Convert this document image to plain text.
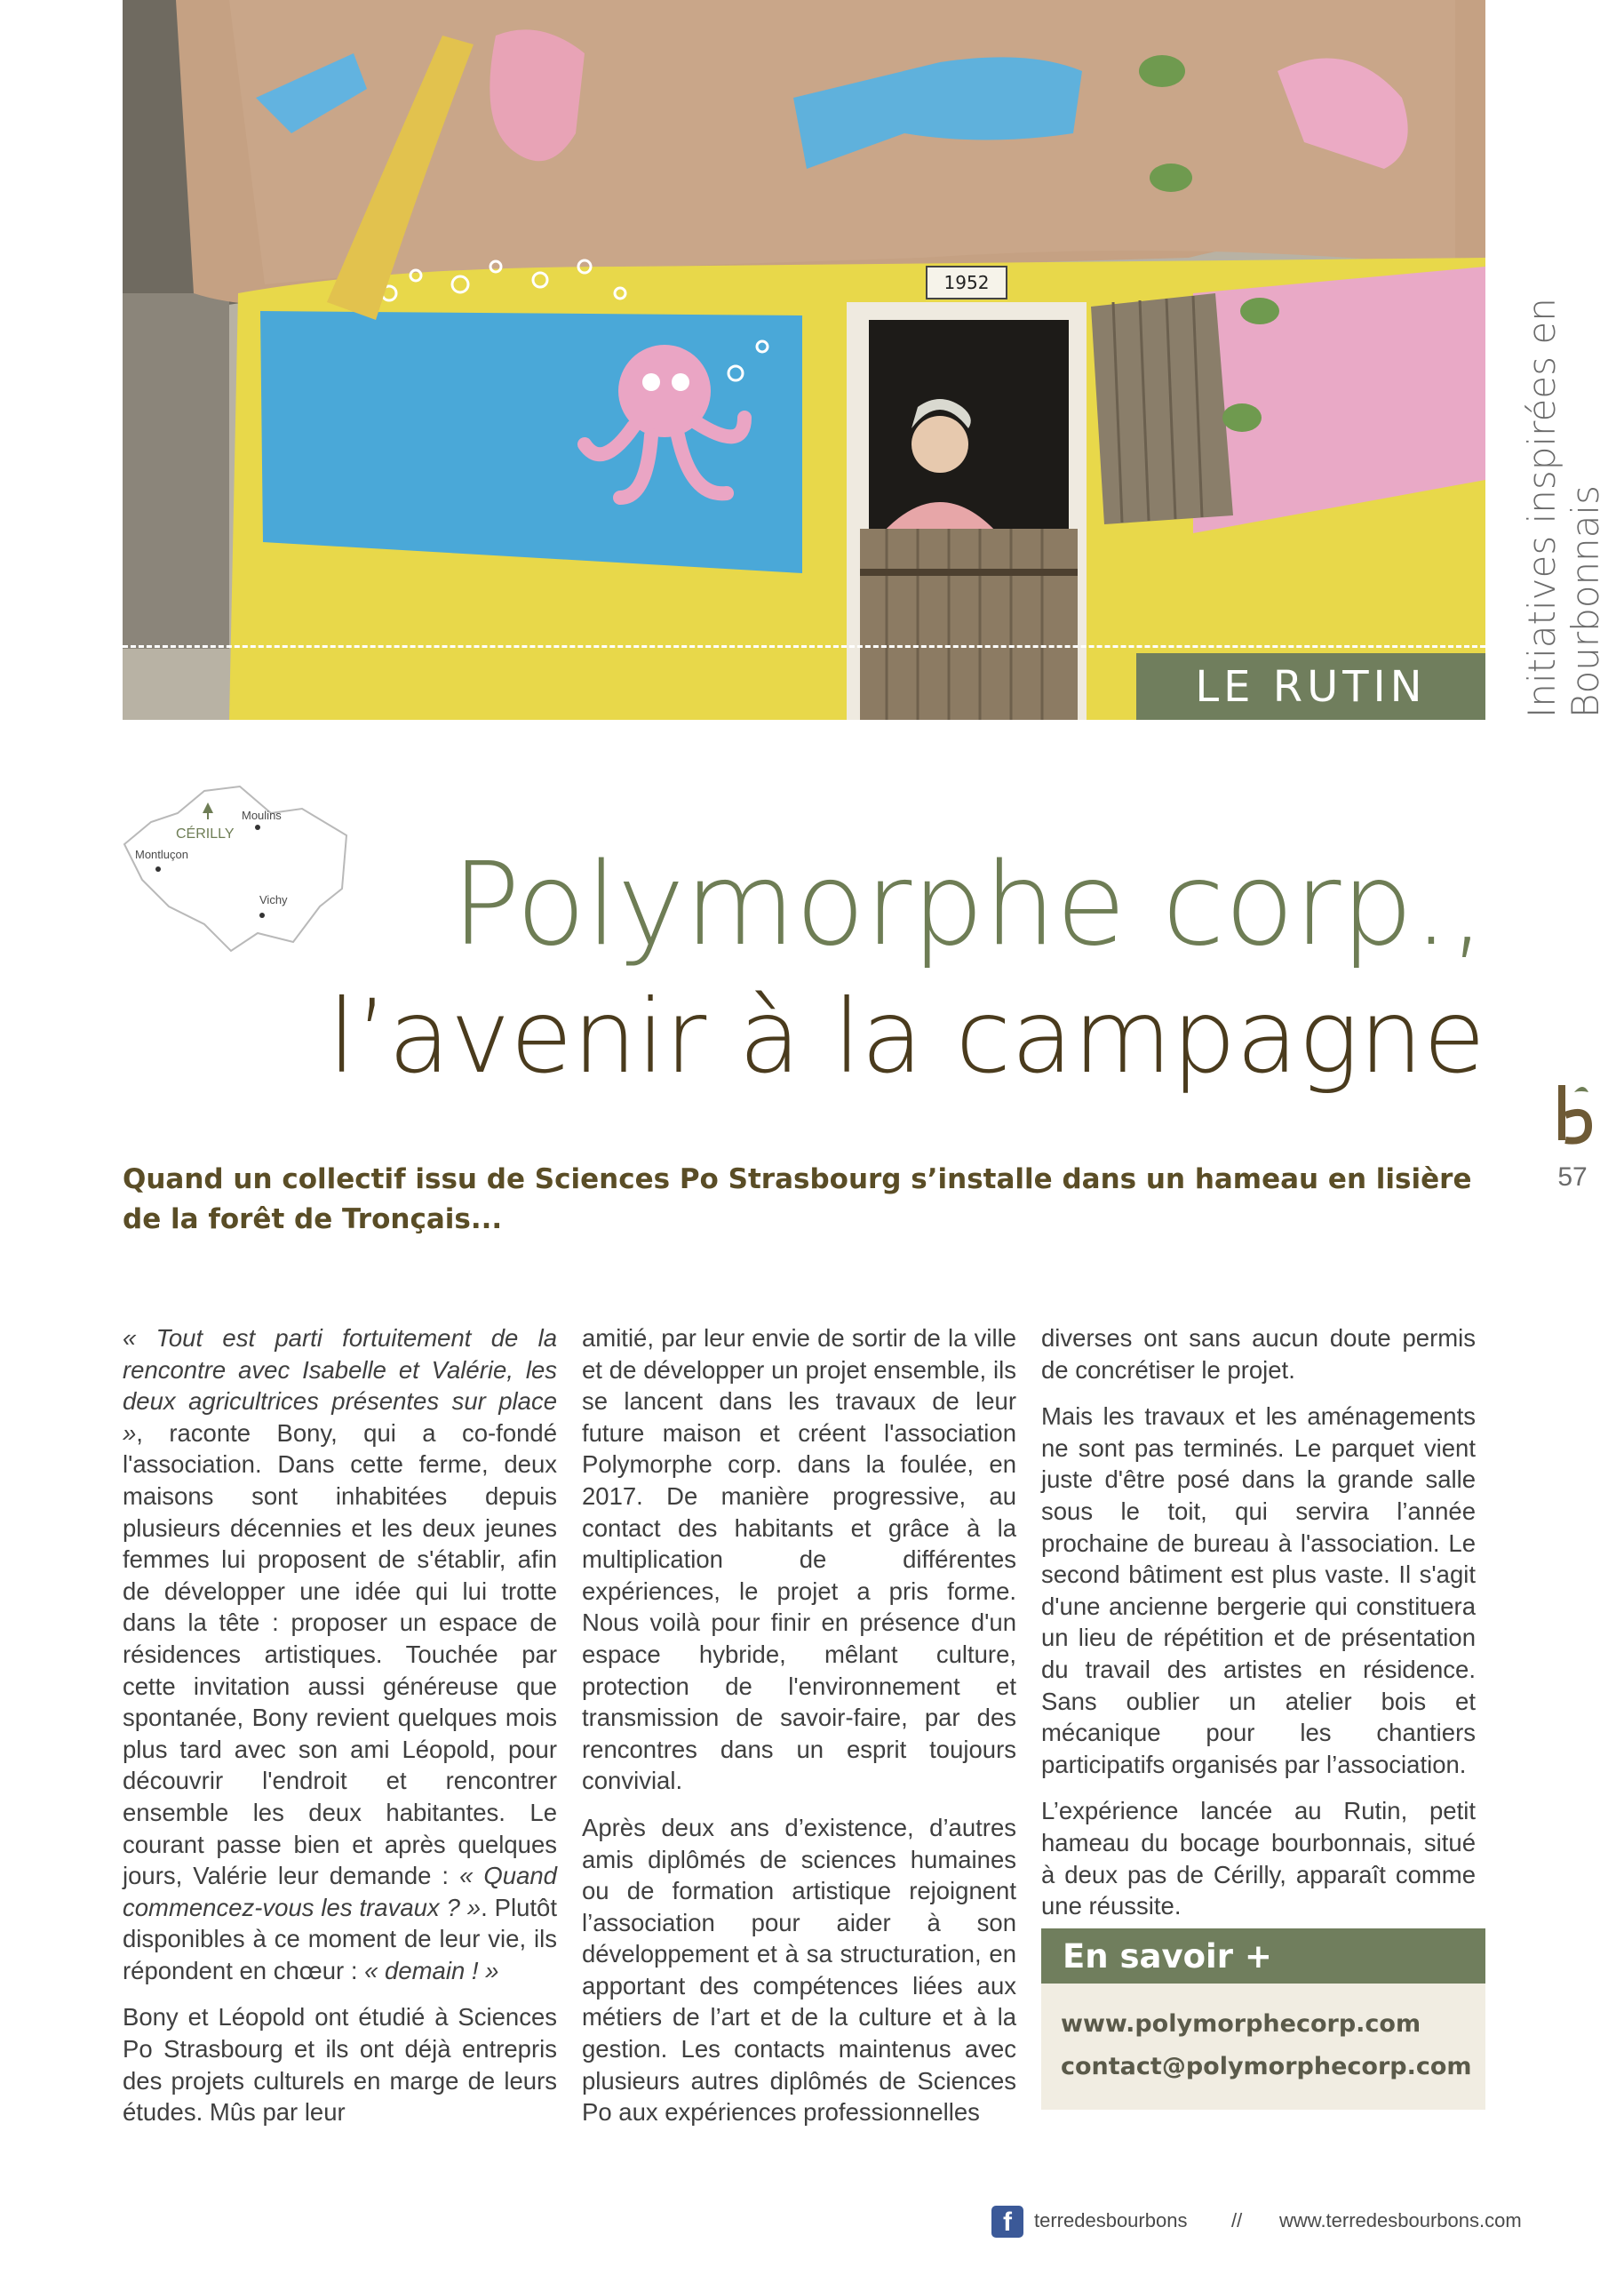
1952
LE RUTIN	Initiatives inspirées en Bourbonnais
Moulins
CÉRILLY
Montluçon
Vichy	Polymorphe corp.,
l’avenir à la campagne
57
Quand un collectif issu de Sciences Po Strasbourg s’installe dans un hameau en lisière de la forêt de Tronçais...

« Tout est parti fortuitement de la rencontre avec Isabelle et Valérie, les deux agricultrices présentes sur place », raconte Bony, qui a co-fondé l'association. Dans cette ferme, deux maisons sont inhabitées depuis plusieurs décennies et les deux jeunes femmes lui proposent de s'établir, afin de développer une idée qui lui trotte dans la tête : proposer un espace de résidences artistiques. Touchée par cette invitation aussi généreuse que spontanée, Bony revient quelques mois plus tard avec son ami Léopold, pour découvrir l'endroit et rencontrer ensemble les deux habitantes. Le courant passe bien et après quelques jours, Valérie leur demande : « Quand commencez-vous les travaux ? ». Plutôt disponibles à ce moment de leur vie, ils répondent en chœur : « demain ! »

Bony et Léopold ont étudié à Sciences Po Strasbourg et ils ont déjà entrepris des projets culturels en marge de leurs études. Mûs par leur

amitié, par leur envie de sortir de la ville et de développer un projet ensemble, ils se lancent dans les travaux de leur future maison et créent l'association Polymorphe corp. dans la foulée, en 2017. De manière progressive, au contact des habitants et grâce à la multiplication de différentes expériences, le projet a pris forme. Nous voilà pour finir en présence d'un espace hybride, mêlant culture, protection de l'environnement et transmission de savoir-faire, par des rencontres dans un esprit toujours convivial.

Après deux ans d’existence, d’autres amis diplômés de sciences humaines ou de formation artistique rejoignent l’association pour aider à son développement et à sa structuration, en apportant des compétences liées aux métiers de l’art et de la culture et à la gestion. Les contacts maintenus avec plusieurs autres diplômés de Sciences Po aux expériences professionnelles

diverses ont sans aucun doute permis de concrétiser le projet.

Mais les travaux et les aménagements ne sont pas terminés. Le parquet vient juste d'être posé dans la grande salle sous le toit, qui servira l’année prochaine de bureau à l'association. Le second bâtiment est plus vaste. Il s'agit d'une ancienne bergerie qui constituera un lieu de répétition et de présentation du travail des artistes en résidence. Sans oublier un atelier bois et mécanique pour les chantiers participatifs organisés par l’association.

L’expérience lancée au Rutin, petit hameau du bocage bourbonnais, situé à deux pas de Cérilly, apparaît comme une réussite.

En savoir +
www.polymorphecorp.com
contact@polymorphecorp.com
f	terredesbourbons // www.terredesbourbons.com
